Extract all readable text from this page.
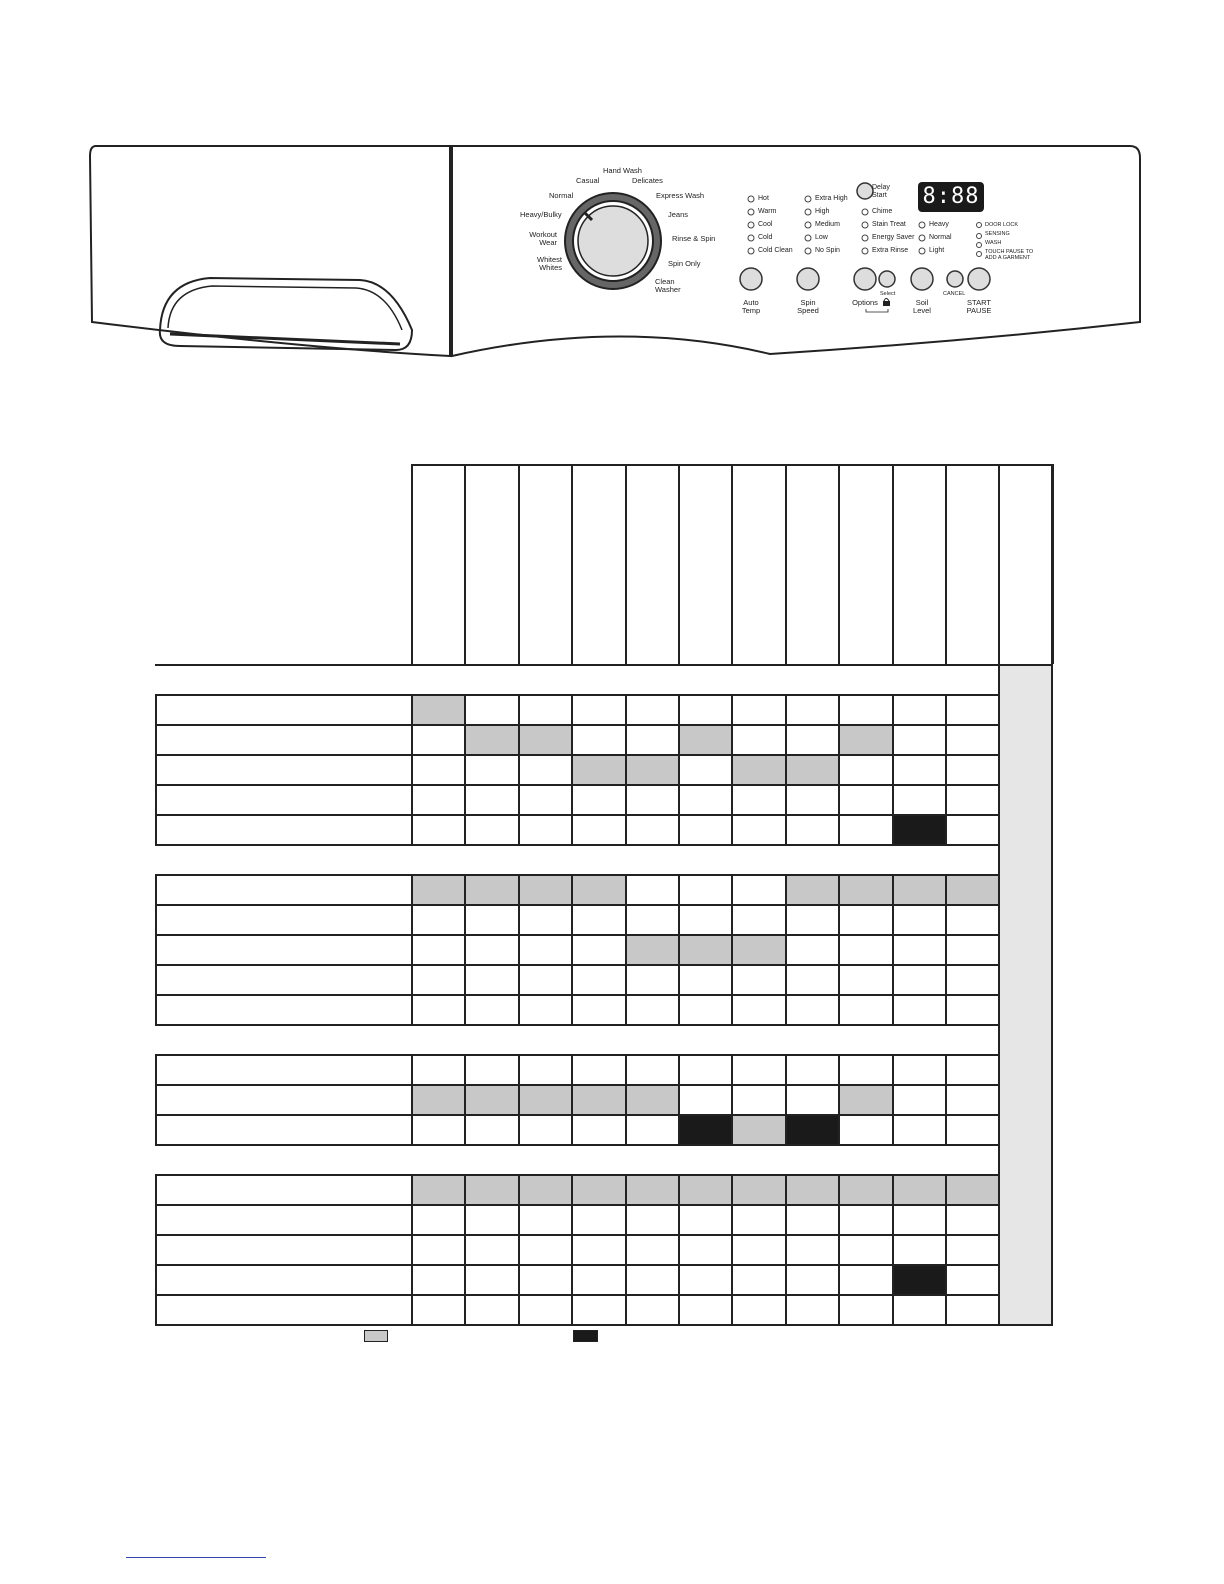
Hand Wash
Delicates
Express Wash
Jeans
Rinse & Spin
Spin Only
Clean Washer
Whitest Whites
Workout Wear
Heavy/Bulky
Normal
Casual
Hot
Warm
Cool
Cold
Cold Clean
Extra High
High
Medium
Low
No Spin
Delay Start
Chime
Stain Treat
Energy Saver
Extra Rinse
Heavy
Normal
Light
DOOR LOCK
SENSING
WASH
TOUCH PAUSE TO ADD A GARMENT
8:88
Auto
Temp
Spin
Speed
Options
Select
Soil
Level
CANCEL
START
PAUSE
